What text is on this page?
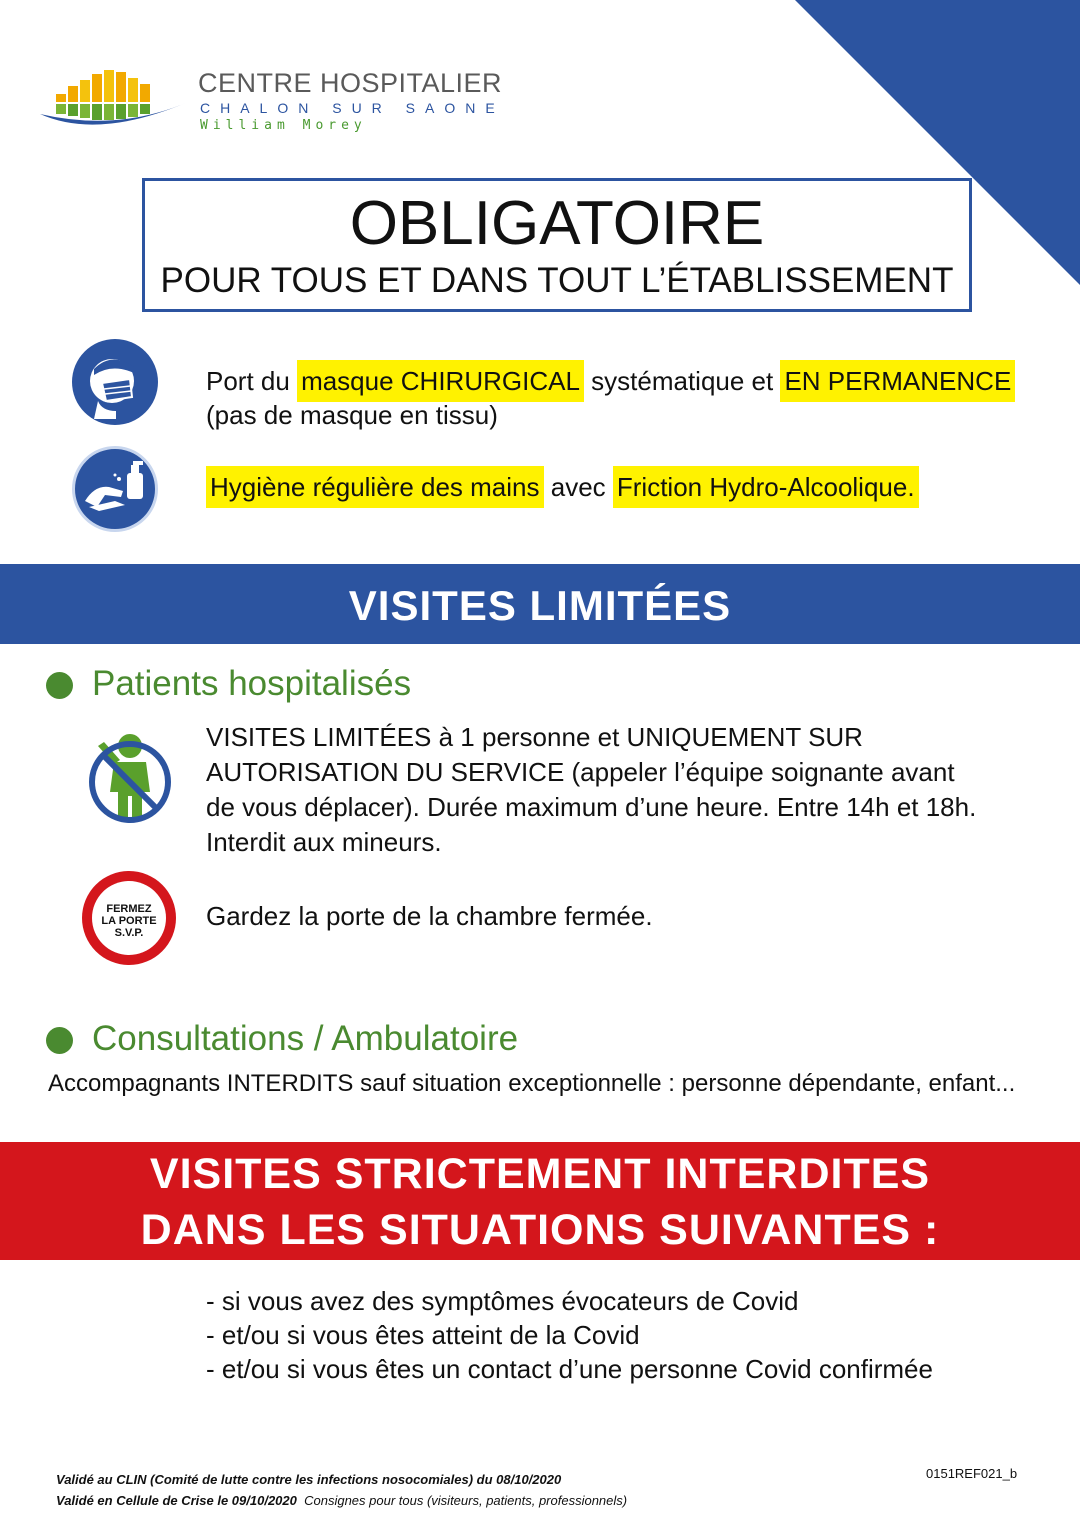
CENTRE HOSPITALIER
CHALON SUR SAONE
William Morey
OBLIGATOIRE
POUR TOUS ET DANS TOUT L’ÉTABLISSEMENT
Port du masque CHIRURGICAL systématique et EN PERMANENCE
(pas de masque en tissu)
Hygiène régulière des mains avec Friction Hydro-Alcoolique.
VISITES LIMITÉES
Patients hospitalisés
VISITES LIMITÉES à 1 personne et UNIQUEMENT SUR
AUTORISATION DU SERVICE (appeler l’équipe soignante avant
de vous déplacer). Durée maximum d’une heure. Entre 14h et 18h.
Interdit aux mineurs.
FERMEZ
LA PORTE
S.V.P.
Gardez la porte de la chambre fermée.
Consultations / Ambulatoire
Accompagnants INTERDITS sauf situation exceptionnelle : personne dépendante, enfant...
VISITES STRICTEMENT INTERDITES
DANS LES SITUATIONS SUIVANTES :
- si vous avez des symptômes évocateurs de Covid
- et/ou si vous êtes atteint de la Covid
- et/ou si vous êtes un contact d’une personne Covid confirmée
Validé au CLIN (Comité de lutte contre les infections nosocomiales) du 08/10/2020
Validé en Cellule de Crise le 09/10/2020 Consignes pour tous (visiteurs, patients, professionnels)
0151REF021_b
